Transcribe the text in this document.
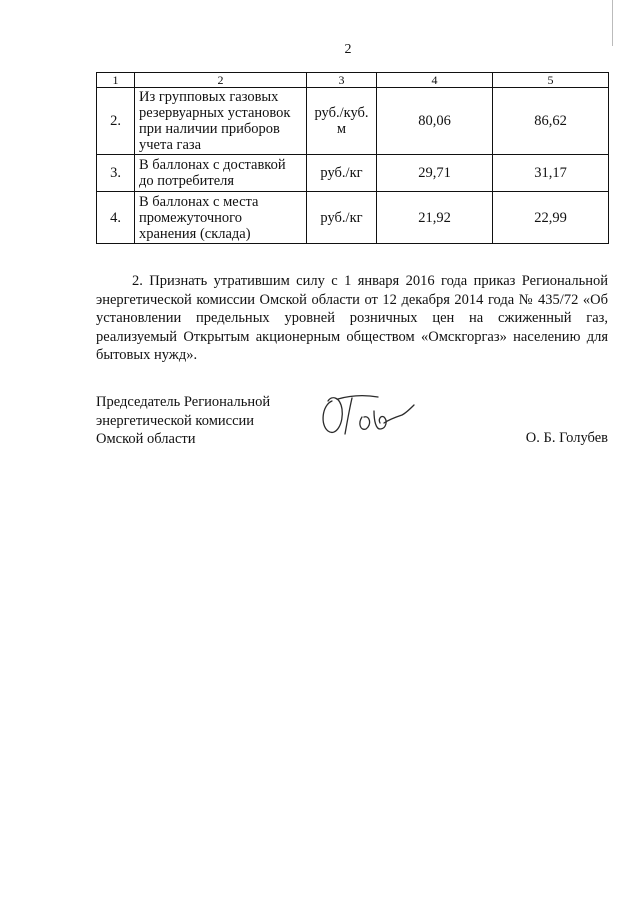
2
1	2	3	4	5
2.	Из групповых газовых резервуарных установок при наличии приборов учета газа	руб./куб. м	80,06	86,62
3.	В баллонах с доставкой до потребителя	руб./кг	29,71	31,17
4.	В баллонах с места промежуточного хранения (склада)	руб./кг	21,92	22,99

2. Признать утратившим силу с 1 января 2016 года приказ Региональной энергетической комиссии Омской области от 12 декабря 2014 года № 435/72 «Об установлении предельных уровней розничных цен на сжиженный газ, реализуемый Открытым акционерным обществом «Омскгоргаз» населению для бытовых нужд».

Председатель Региональной
энергетической комиссии
Омской области	О. Б. Голубев
